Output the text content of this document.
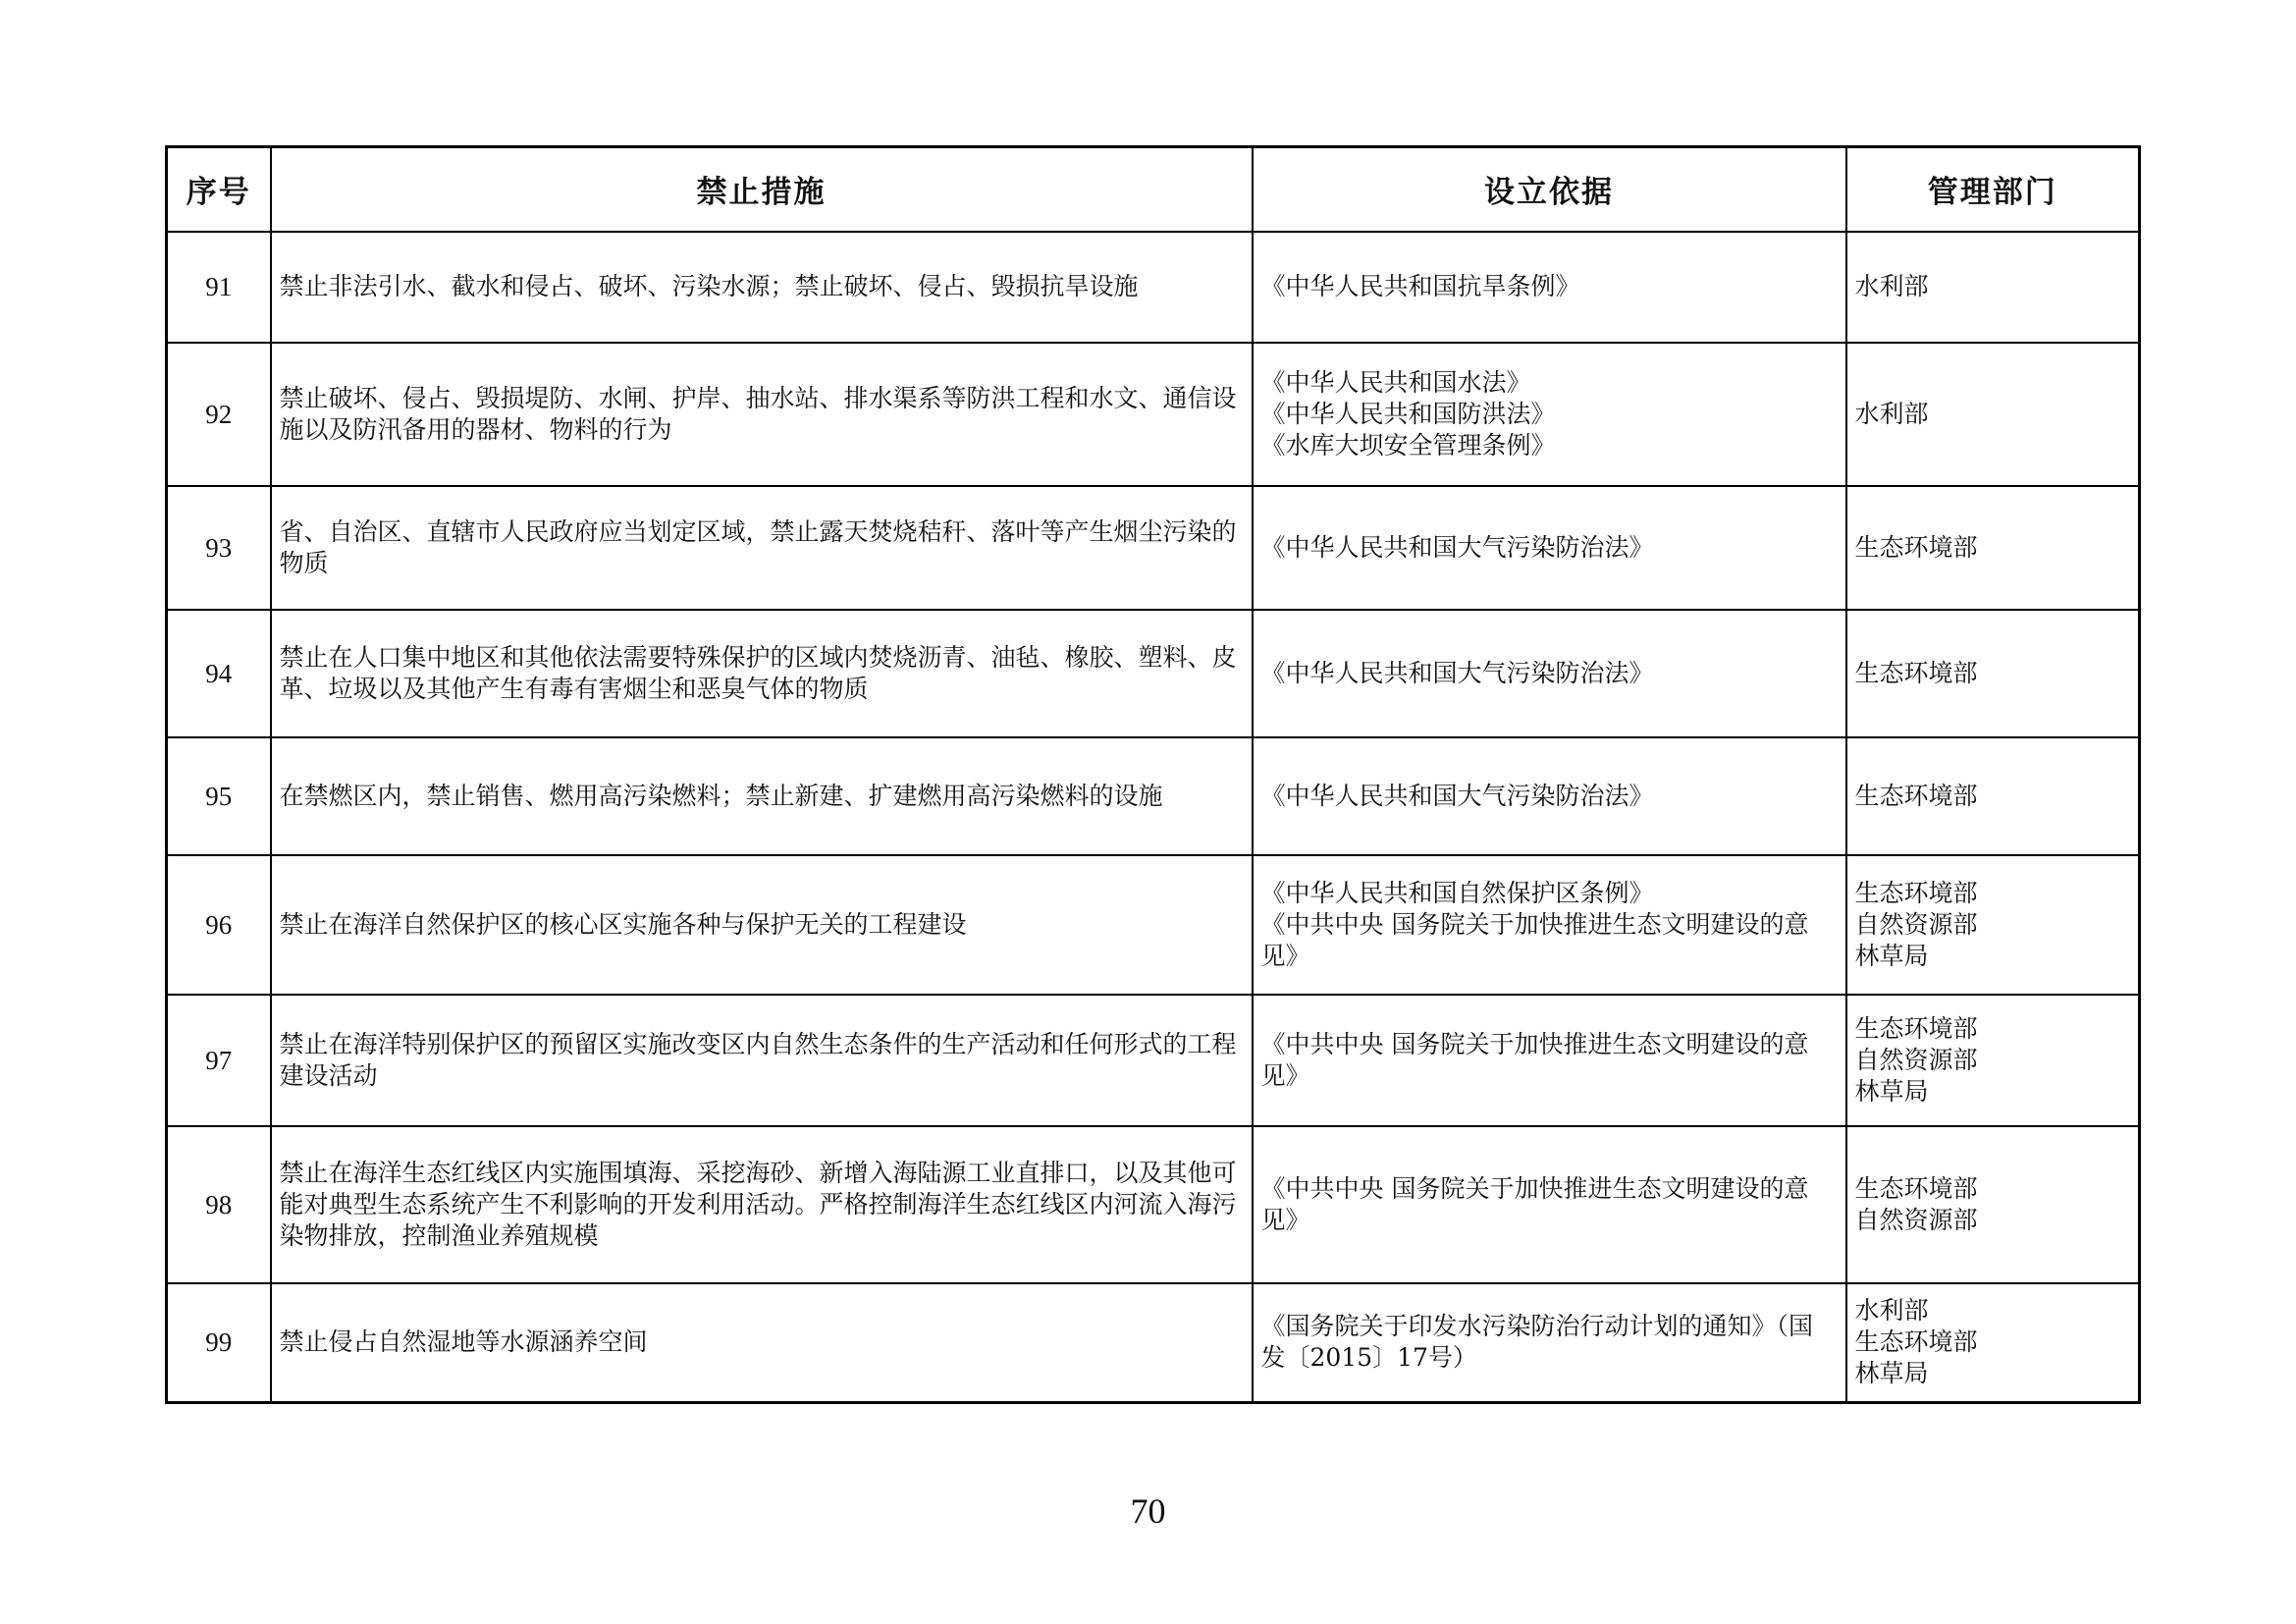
序号	禁止措施	设立依据	管理部门
91	禁止非法引水、截水和侵占、破坏、污染水源；禁止破坏、侵占、毁损抗旱设施	《中华人民共和国抗旱条例》	水利部

92	禁止破坏、侵占、毁损堤防、水闸、护岸、抽水站、排水渠系等防洪工程和水文、通信设施以及防汛备用的器材、物料的行为	《中华人民共和国水法》
《中华人民共和国防洪法》
《水库大坝安全管理条例》	水利部

93	省、自治区、直辖市人民政府应当划定区域，禁止露天焚烧秸秆、落叶等产生烟尘污染的物质	《中华人民共和国大气污染防治法》	生态环境部

94	禁止在人口集中地区和其他依法需要特殊保护的区域内焚烧沥青、油毡、橡胶、塑料、皮革、垃圾以及其他产生有毒有害烟尘和恶臭气体的物质	《中华人民共和国大气污染防治法》	生态环境部

95	在禁燃区内，禁止销售、燃用高污染燃料；禁止新建、扩建燃用高污染燃料的设施	《中华人民共和国大气污染防治法》	生态环境部

96	禁止在海洋自然保护区的核心区实施各种与保护无关的工程建设	《中华人民共和国自然保护区条例》
《中共中央 国务院关于加快推进生态文明建设的意见》	生态环境部
自然资源部
林草局

97	禁止在海洋特别保护区的预留区实施改变区内自然生态条件的生产活动和任何形式的工程建设活动	《中共中央 国务院关于加快推进生态文明建设的意见》	生态环境部
自然资源部
林草局

98	禁止在海洋生态红线区内实施围填海、采挖海砂、新增入海陆源工业直排口，以及其他可能对典型生态系统产生不利影响的开发利用活动。严格控制海洋生态红线区内河流入海污染物排放，控制渔业养殖规模	《中共中央 国务院关于加快推进生态文明建设的意见》	生态环境部
自然资源部

99	禁止侵占自然湿地等水源涵养空间	《国务院关于印发水污染防治行动计划的通知》（国发〔2015〕17号）	水利部
生态环境部
林草局
70
